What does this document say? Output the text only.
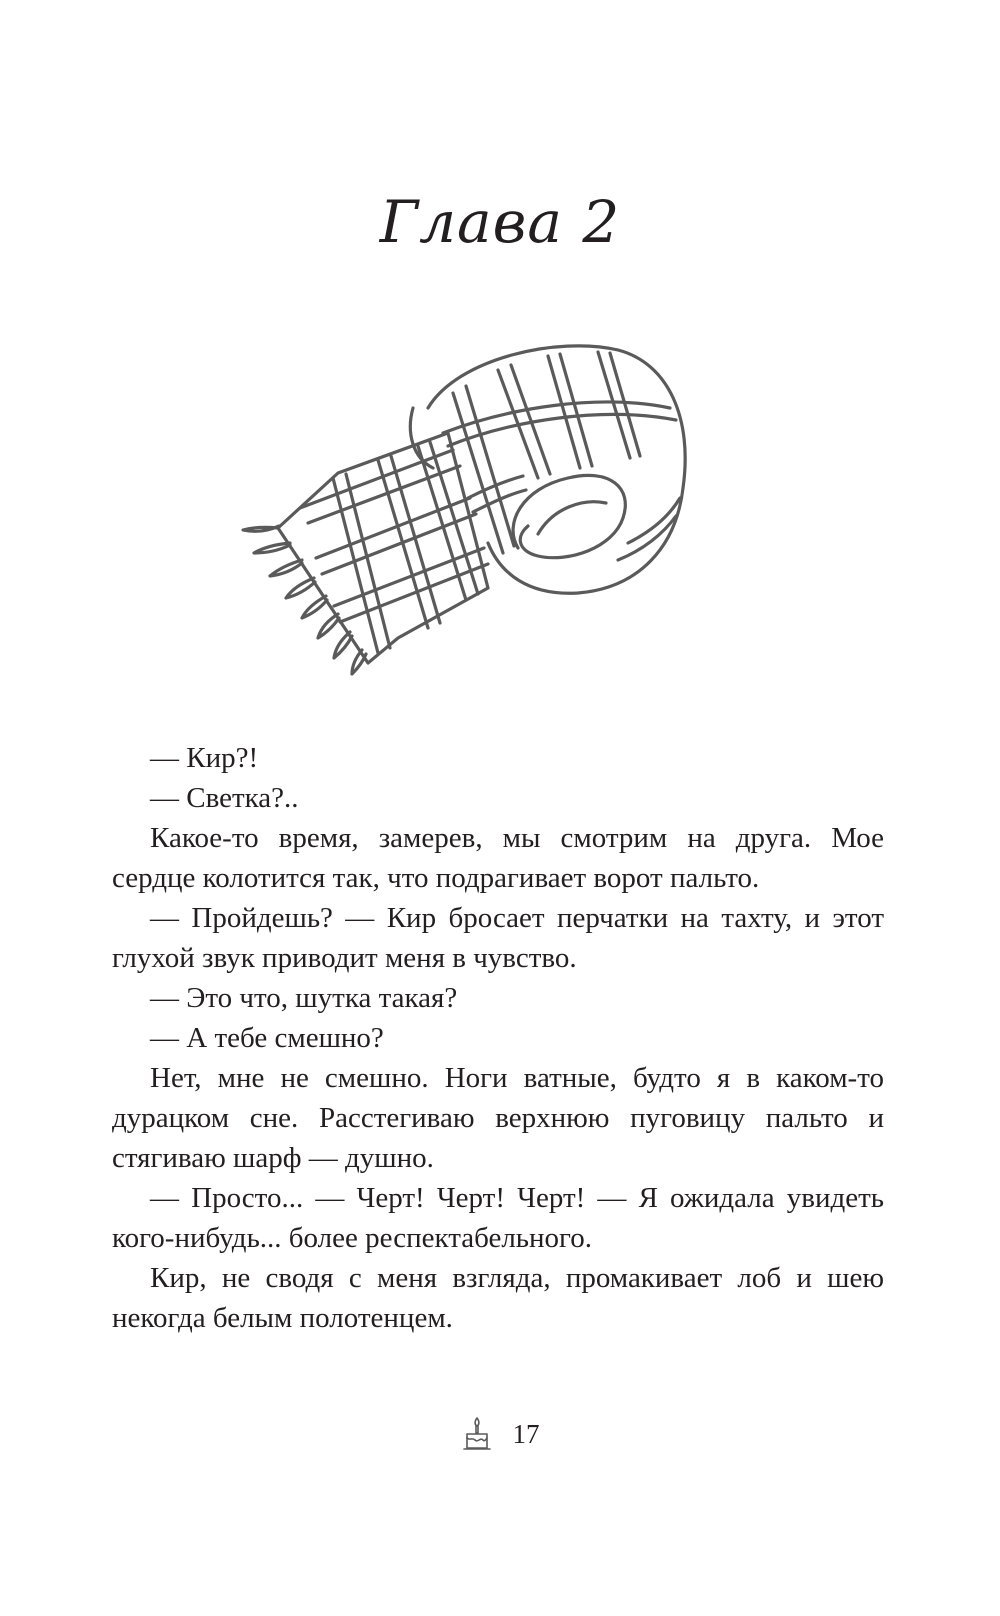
Глава 2

— Кир?!

— Светка?..

Какое-то время, замерев, мы смотрим на друга. Мое сердце колотится так, что подрагивает ворот пальто.

— Пройдешь? — Кир бросает перчатки на тахту, и этот глухой звук приводит меня в чувство.

— Это что, шутка такая?

— А тебе смешно?

Нет, мне не смешно. Ноги ватные, будто я в каком-то дурацком сне. Расстегиваю верхнюю пуговицу пальто и стягиваю шарф — душно.

— Просто... — Черт! Черт! Черт! — Я ожидала увидеть кого-нибудь... более респектабельного.

Кир, не сводя с меня взгляда, промакивает лоб и шею некогда белым полотенцем.

17
